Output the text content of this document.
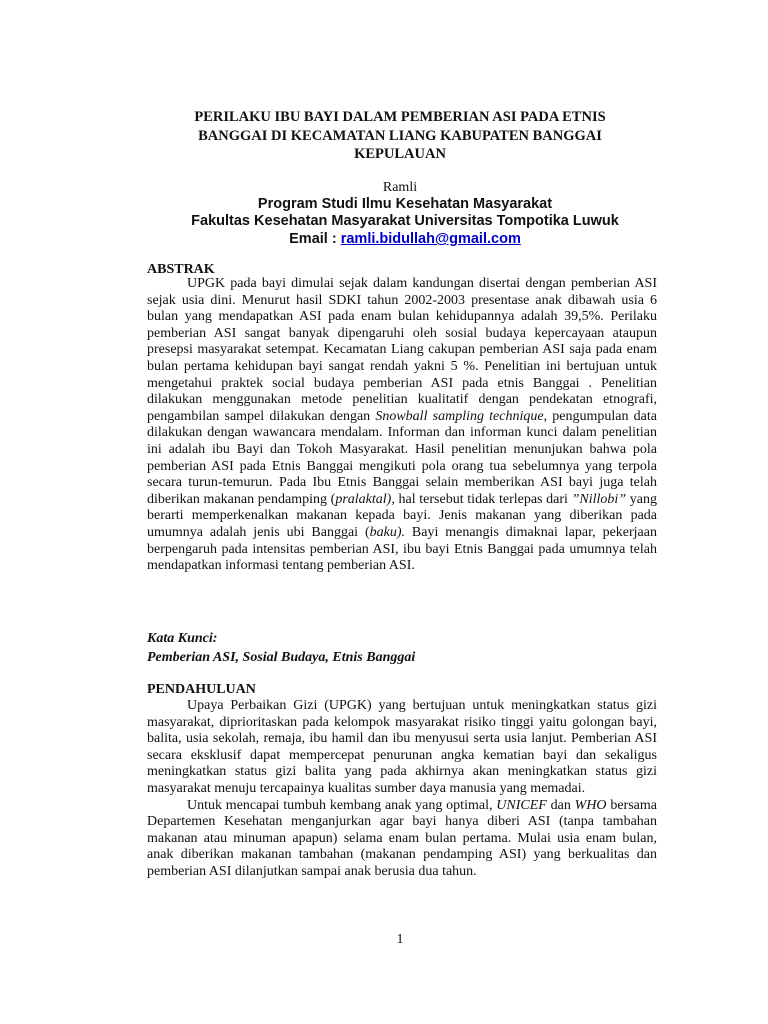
PERILAKU IBU BAYI DALAM PEMBERIAN ASI PADA ETNIS
BANGGAI DI KECAMATAN LIANG KABUPATEN BANGGAI
KEPULAUAN
Ramli
Program Studi Ilmu Kesehatan Masyarakat
Fakultas Kesehatan Masyarakat Universitas Tompotika Luwuk
Email : ramli.bidullah@gmail.com
ABSTRAK

UPGK pada bayi dimulai sejak dalam kandungan disertai dengan pemberian ASI sejak usia dini. Menurut hasil SDKI tahun 2002-2003 presentase anak dibawah usia 6 bulan yang mendapatkan ASI pada enam bulan kehidupannya adalah 39,5%. Perilaku pemberian ASI sangat banyak dipengaruhi oleh sosial budaya kepercayaan ataupun presepsi masyarakat setempat. Kecamatan Liang cakupan pemberian ASI saja pada enam bulan pertama kehidupan bayi sangat rendah yakni 5 %. Penelitian ini bertujuan untuk mengetahui praktek social budaya pemberian ASI pada etnis Banggai . Penelitian dilakukan menggunakan metode penelitian kualitatif dengan pendekatan etnografi, pengambilan sampel dilakukan dengan Snowball sampling technique, pengumpulan data dilakukan dengan wawancara mendalam. Informan dan informan kunci dalam penelitian ini adalah ibu Bayi dan Tokoh Masyarakat. Hasil penelitian menunjukan bahwa pola pemberian ASI pada Etnis Banggai mengikuti pola orang tua sebelumnya yang terpola secara turun-temurun. Pada Ibu Etnis Banggai selain memberikan ASI bayi juga telah diberikan makanan pendamping (pralaktal), hal tersebut tidak terlepas dari ”Nillobi” yang berarti memperkenalkan makanan kepada bayi. Jenis makanan yang diberikan pada umumnya adalah jenis ubi Banggai (baku). Bayi menangis dimaknai lapar, pekerjaan berpengaruh pada intensitas pemberian ASI, ibu bayi Etnis Banggai pada umumnya telah mendapatkan informasi tentang pemberian ASI.

Kata Kunci:
Pemberian ASI, Sosial Budaya, Etnis Banggai
PENDAHULUAN

Upaya Perbaikan Gizi (UPGK) yang bertujuan untuk meningkatkan status gizi masyarakat, diprioritaskan pada kelompok masyarakat risiko tinggi yaitu golongan bayi, balita, usia sekolah, remaja, ibu hamil dan ibu menyusui serta usia lanjut. Pemberian ASI secara eksklusif dapat mempercepat penurunan angka kematian bayi dan sekaligus meningkatkan status gizi balita yang pada akhirnya akan meningkatkan status gizi masyarakat menuju tercapainya kualitas sumber daya manusia yang memadai.

Untuk mencapai tumbuh kembang anak yang optimal, UNICEF dan WHO bersama Departemen Kesehatan menganjurkan agar bayi hanya diberi ASI (tanpa tambahan makanan atau minuman apapun) selama enam bulan pertama. Mulai usia enam bulan, anak diberikan makanan tambahan (makanan pendamping ASI) yang berkualitas dan pemberian ASI dilanjutkan sampai anak berusia dua tahun.

1
